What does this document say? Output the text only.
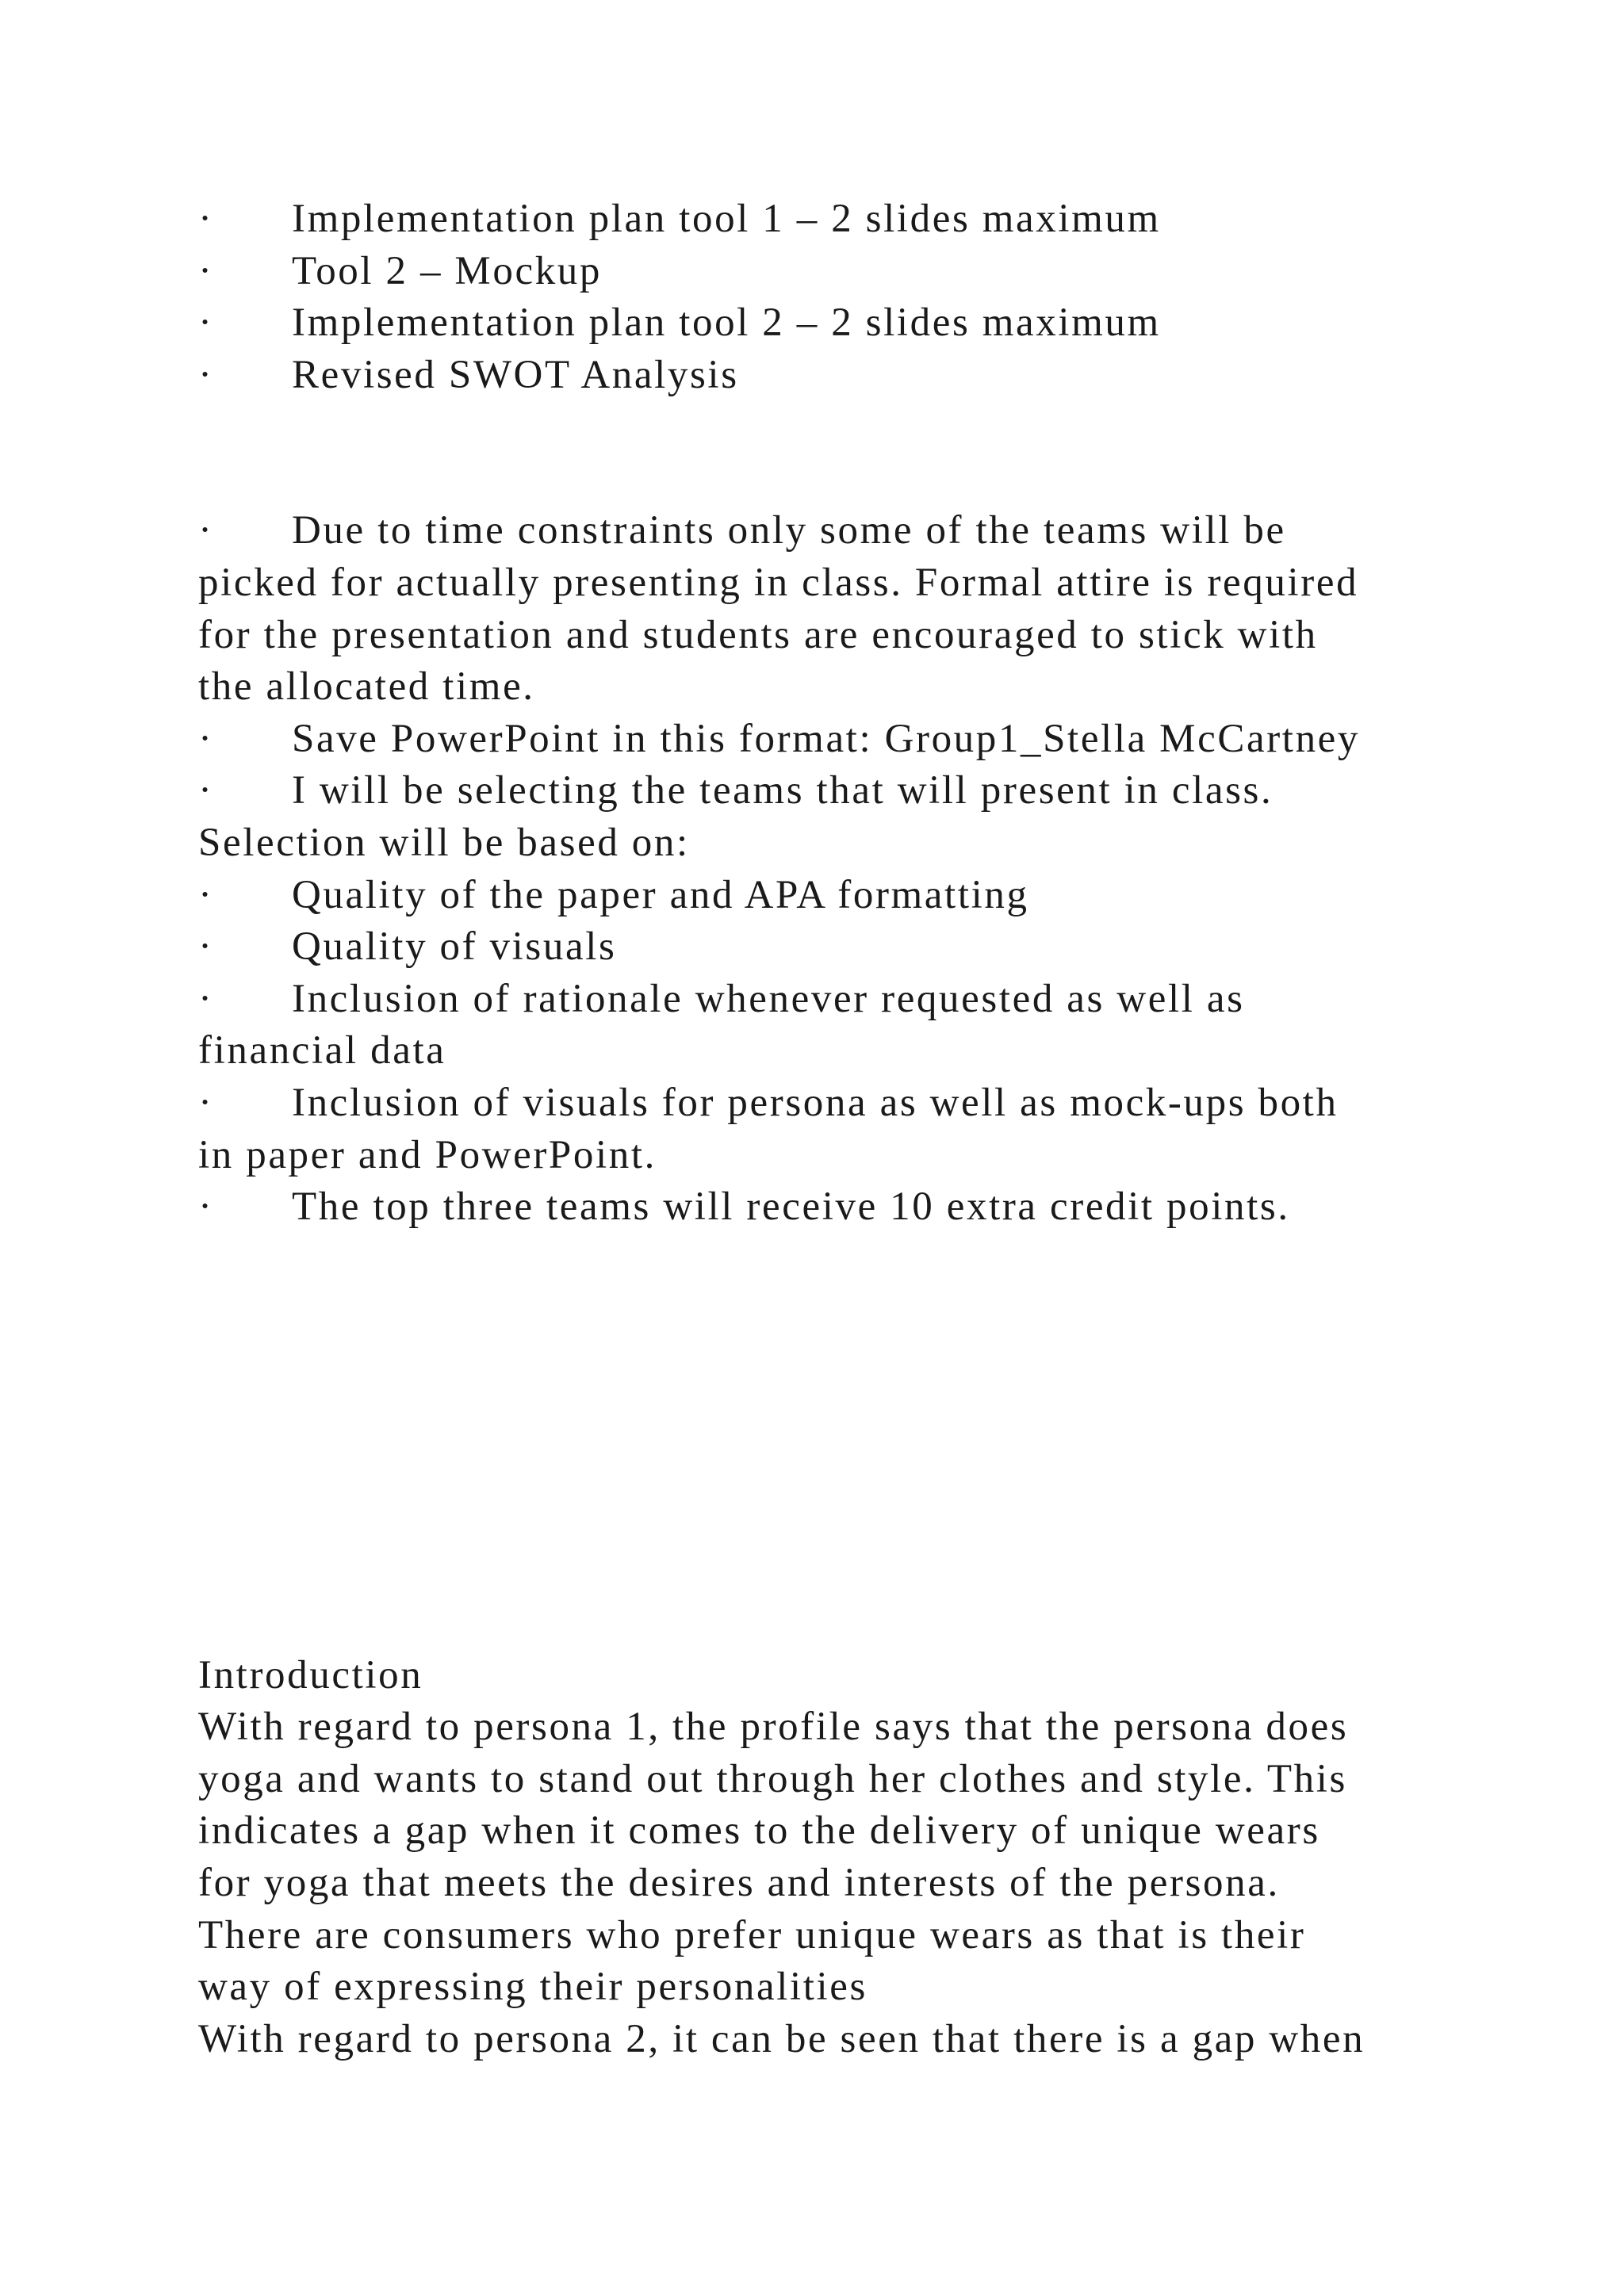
·	Implementation plan tool 1 – 2 slides maximum
·	Tool 2 – Mockup
·	Implementation plan tool 2 – 2 slides maximum
·	Revised SWOT Analysis
·	Due to time constraints only some of the teams will be
picked for actually presenting in class. Formal attire is required
for the presentation and students are encouraged to stick with
the allocated time.
·	Save PowerPoint in this format: Group1_Stella McCartney
·	I will be selecting the teams that will present in class.
Selection will be based on:
·	Quality of the paper and APA formatting
·	Quality of visuals
·	Inclusion of rationale whenever requested as well as
financial data
·	Inclusion of visuals for persona as well as mock-ups both
in paper and PowerPoint.
·	The top three teams will receive 10 extra credit points.
Introduction
With regard to persona 1, the profile says that the persona does
yoga and wants to stand out through her clothes and style. This
indicates a gap when it comes to the delivery of unique wears
for yoga that meets the desires and interests of the persona.
There are consumers who prefer unique wears as that is their
way of expressing their personalities
With regard to persona 2, it can be seen that there is a gap when
